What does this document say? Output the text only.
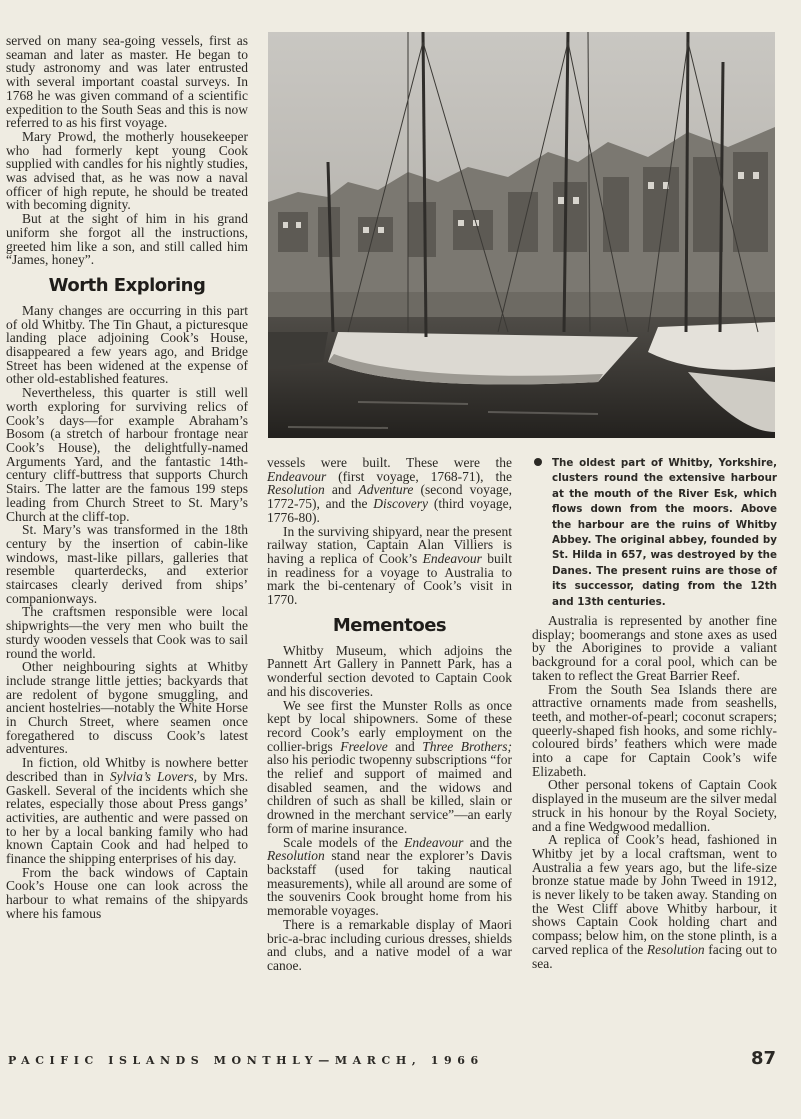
served on many sea-going vessels, first as seaman and later as master. He began to study astronomy and was later entrusted with several important coastal surveys. In 1768 he was given command of a scientific expedition to the South Seas and this is now referred to as his first voyage.

Mary Prowd, the motherly housekeeper who had formerly kept young Cook supplied with candles for his nightly studies, was advised that, as he was now a naval officer of high repute, he should be treated with becoming dignity.

But at the sight of him in his grand uniform she forgot all the instructions, greeted him like a son, and still called him “James, honey”.

Worth Exploring

Many changes are occurring in this part of old Whitby. The Tin Ghaut, a picturesque landing place adjoining Cook’s House, disappeared a few years ago, and Bridge Street has been widened at the expense of other old-established features.

Nevertheless, this quarter is still well worth exploring for surviving relics of Cook’s days—for example Abraham’s Bosom (a stretch of harbour frontage near Cook’s House), the delightfully-named Arguments Yard, and the fantastic 14th-century cliff-buttress that supports Church Stairs. The latter are the famous 199 steps leading from Church Street to St. Mary’s Church at the cliff-top.

St. Mary’s was transformed in the 18th century by the insertion of cabin-like windows, mast-like pillars, galleries that resemble quarterdecks, and exterior staircases clearly derived from ships’ companionways.

The craftsmen responsible were local shipwrights—the very men who built the sturdy wooden vessels that Cook was to sail round the world.

Other neighbouring sights at Whitby include strange little jetties; backyards that are redolent of bygone smuggling, and ancient hostelries—notably the White Horse in Church Street, where seamen once foregathered to discuss Cook’s latest adventures.

In fiction, old Whitby is nowhere better described than in Sylvia’s Lovers, by Mrs. Gaskell. Several of the incidents which she relates, especially those about Press gangs’ activities, are authentic and were passed on to her by a local banking family who had known Captain Cook and had helped to finance the shipping enterprises of his day.

From the back windows of Captain Cook’s House one can look across the harbour to what remains of the shipyards where his famous

vessels were built. These were the Endeavour (first voyage, 1768-71), the Resolution and Adventure (second voyage, 1772-75), and the Discovery (third voyage, 1776-80).

In the surviving shipyard, near the present railway station, Captain Alan Villiers is having a replica of Cook’s Endeavour built in readiness for a voyage to Australia to mark the bi-centenary of Cook’s visit in 1770.

Mementoes

Whitby Museum, which adjoins the Pannett Art Gallery in Pannett Park, has a wonderful section devoted to Captain Cook and his discoveries.

We see first the Munster Rolls as once kept by local shipowners. Some of these record Cook’s early employment on the collier-brigs Freelove and Three Brothers; also his periodic twopenny subscriptions “for the relief and support of maimed and disabled seamen, and the widows and children of such as shall be killed, slain or drowned in the merchant service”—an early form of marine insurance.

Scale models of the Endeavour and the Resolution stand near the explorer’s Davis backstaff (used for taking nautical measurements), while all around are some of the souvenirs Cook brought home from his memorable voyages.

There is a remarkable display of Maori bric-a-brac including curious dresses, shields and clubs, and a native model of a war canoe.

The oldest part of Whitby, Yorkshire, clusters round the extensive harbour at the mouth of the River Esk, which flows down from the moors. Above the harbour are the ruins of Whitby Abbey. The original abbey, founded by St. Hilda in 657, was destroyed by the Danes. The present ruins are those of its successor, dating from the 12th and 13th centuries.

Australia is represented by another fine display; boomerangs and stone axes as used by the Aborigines to provide a valiant background for a coral pool, which can be taken to reflect the Great Barrier Reef.

From the South Sea Islands there are attractive ornaments made from seashells, teeth, and mother-of-pearl; coconut scrapers; queerly-shaped fish hooks, and some richly-coloured birds’ feathers which were made into a cape for Captain Cook’s wife Elizabeth.

Other personal tokens of Captain Cook displayed in the museum are the silver medal struck in his honour by the Royal Society, and a fine Wedgwood medallion.

A replica of Cook’s head, fashioned in Whitby jet by a local craftsman, went to Australia a few years ago, but the life-size bronze statue made by John Tweed in 1912, is never likely to be taken away. Standing on the West Cliff above Whitby harbour, it shows Captain Cook holding chart and compass; below him, on the stone plinth, is a carved replica of the Resolution facing out to sea.

PACIFIC ISLANDS MONTHLY—MARCH, 1966	87
